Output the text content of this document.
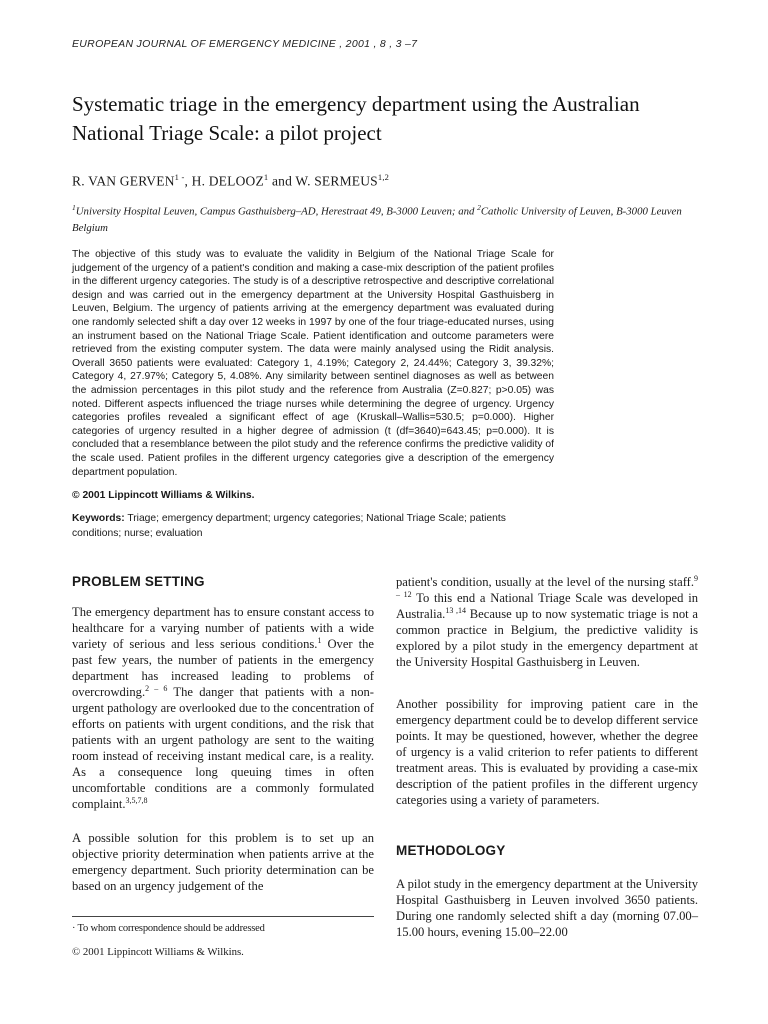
EUROPEAN JOURNAL OF EMERGENCY MEDICINE , 2001 , 8 , 3 –7
Systematic triage in the emergency department using the Australian National Triage Scale: a pilot project
R. VAN $GERVEN^{1 -}$, H. DELOOZ$^1$ and W. SERMEUS$^{1,2}$
$^1$University Hospital Leuven, Campus Gasthuisberg–AD, Herestraat 49, B-3000 Leuven; and $^2$Catholic University of Leuven, B-3000 Leuven Belgium

The objective of this study was to evaluate the validity in Belgium of the National Triage Scale for judgement of the urgency of a patient's condition and making a case-mix description of the patient profiles in the different urgency categories. The study is of a descriptive retrospective and descriptive correlational design and was carried out in the emergency department at the University Hospital Gasthuisberg in Leuven, Belgium. The urgency of patients arriving at the emergency department was evaluated during one randomly selected shift a day over 12 weeks in 1997 by one of the four triage-educated nurses, using an instrument based on the National Triage Scale. Patient identification and outcome parameters were retrieved from the existing computer system. The data were mainly analysed using the Ridit analysis. Overall 3650 patients were evaluated: Category 1, 4.19%; Category 2, 24.44%; Category 3, 39.32%; Category 4, 27.97%; Category 5, 4.08%. Any similarity between sentinel diagnoses as well as between the admission percentages in this pilot study and the reference from Australia (Z=0.827; p>0.05) was noted. Different aspects influenced the triage nurses while determining the degree of urgency. Urgency categories profiles revealed a significant effect of age (Kruskall–Wallis=530.5; p=0.000). Higher categories of urgency resulted in a higher degree of admission (t (df=3640)=643.45; p=0.000). It is concluded that a resemblance between the pilot study and the reference confirms the predictive validity of the scale used. Patient profiles in the different urgency categories give a description of the emergency department population.

© 2001 Lippincott Williams & Wilkins.

Keywords: Triage; emergency department; urgency categories; National Triage Scale; patients conditions; nurse; evaluation

PROBLEM SETTING

The emergency department has to ensure constant access to healthcare for a varying number of patients with a wide variety of serious and less serious conditions.$^1$ Over the past few years, the number of patients in the emergency department has increased leading to problems of overcrowding.$^{2 - 6}$ The danger that patients with a non-urgent pathology are overlooked due to the concentration of efforts on patients with urgent conditions, and the risk that patients with an urgent pathology are sent to the waiting room instead of receiving instant medical care, is a reality. As a consequence long queuing times in often uncomfortable conditions are a commonly formulated complaint.$^{3,5,7,8}$

A possible solution for this problem is to set up an objective priority determination when patients arrive at the emergency department. Such priority determination can be based on an urgency judgement of the

· To whom correspondence should be addressed
© 2001 Lippincott Williams & Wilkins.

patient's condition, usually at the level of the nursing staff.$^{9 - 12}$ To this end a National Triage Scale was developed in Australia.$^{13 ,14}$ Because up to now systematic triage is not a common practice in Belgium, the predictive validity is explored by a pilot study in the emergency department at the University Hospital Gasthuisberg in Leuven.

Another possibility for improving patient care in the emergency department could be to develop different service points. It may be questioned, however, whether the degree of urgency is a valid criterion to refer patients to different treatment areas. This is evaluated by providing a case-mix description of the patient profiles in the different urgency categories using a variety of parameters.

METHODOLOGY

A pilot study in the emergency department at the University Hospital Gasthuisberg in Leuven involved 3650 patients. During one randomly selected shift a day (morning 07.00–15.00 hours, evening 15.00–22.00
